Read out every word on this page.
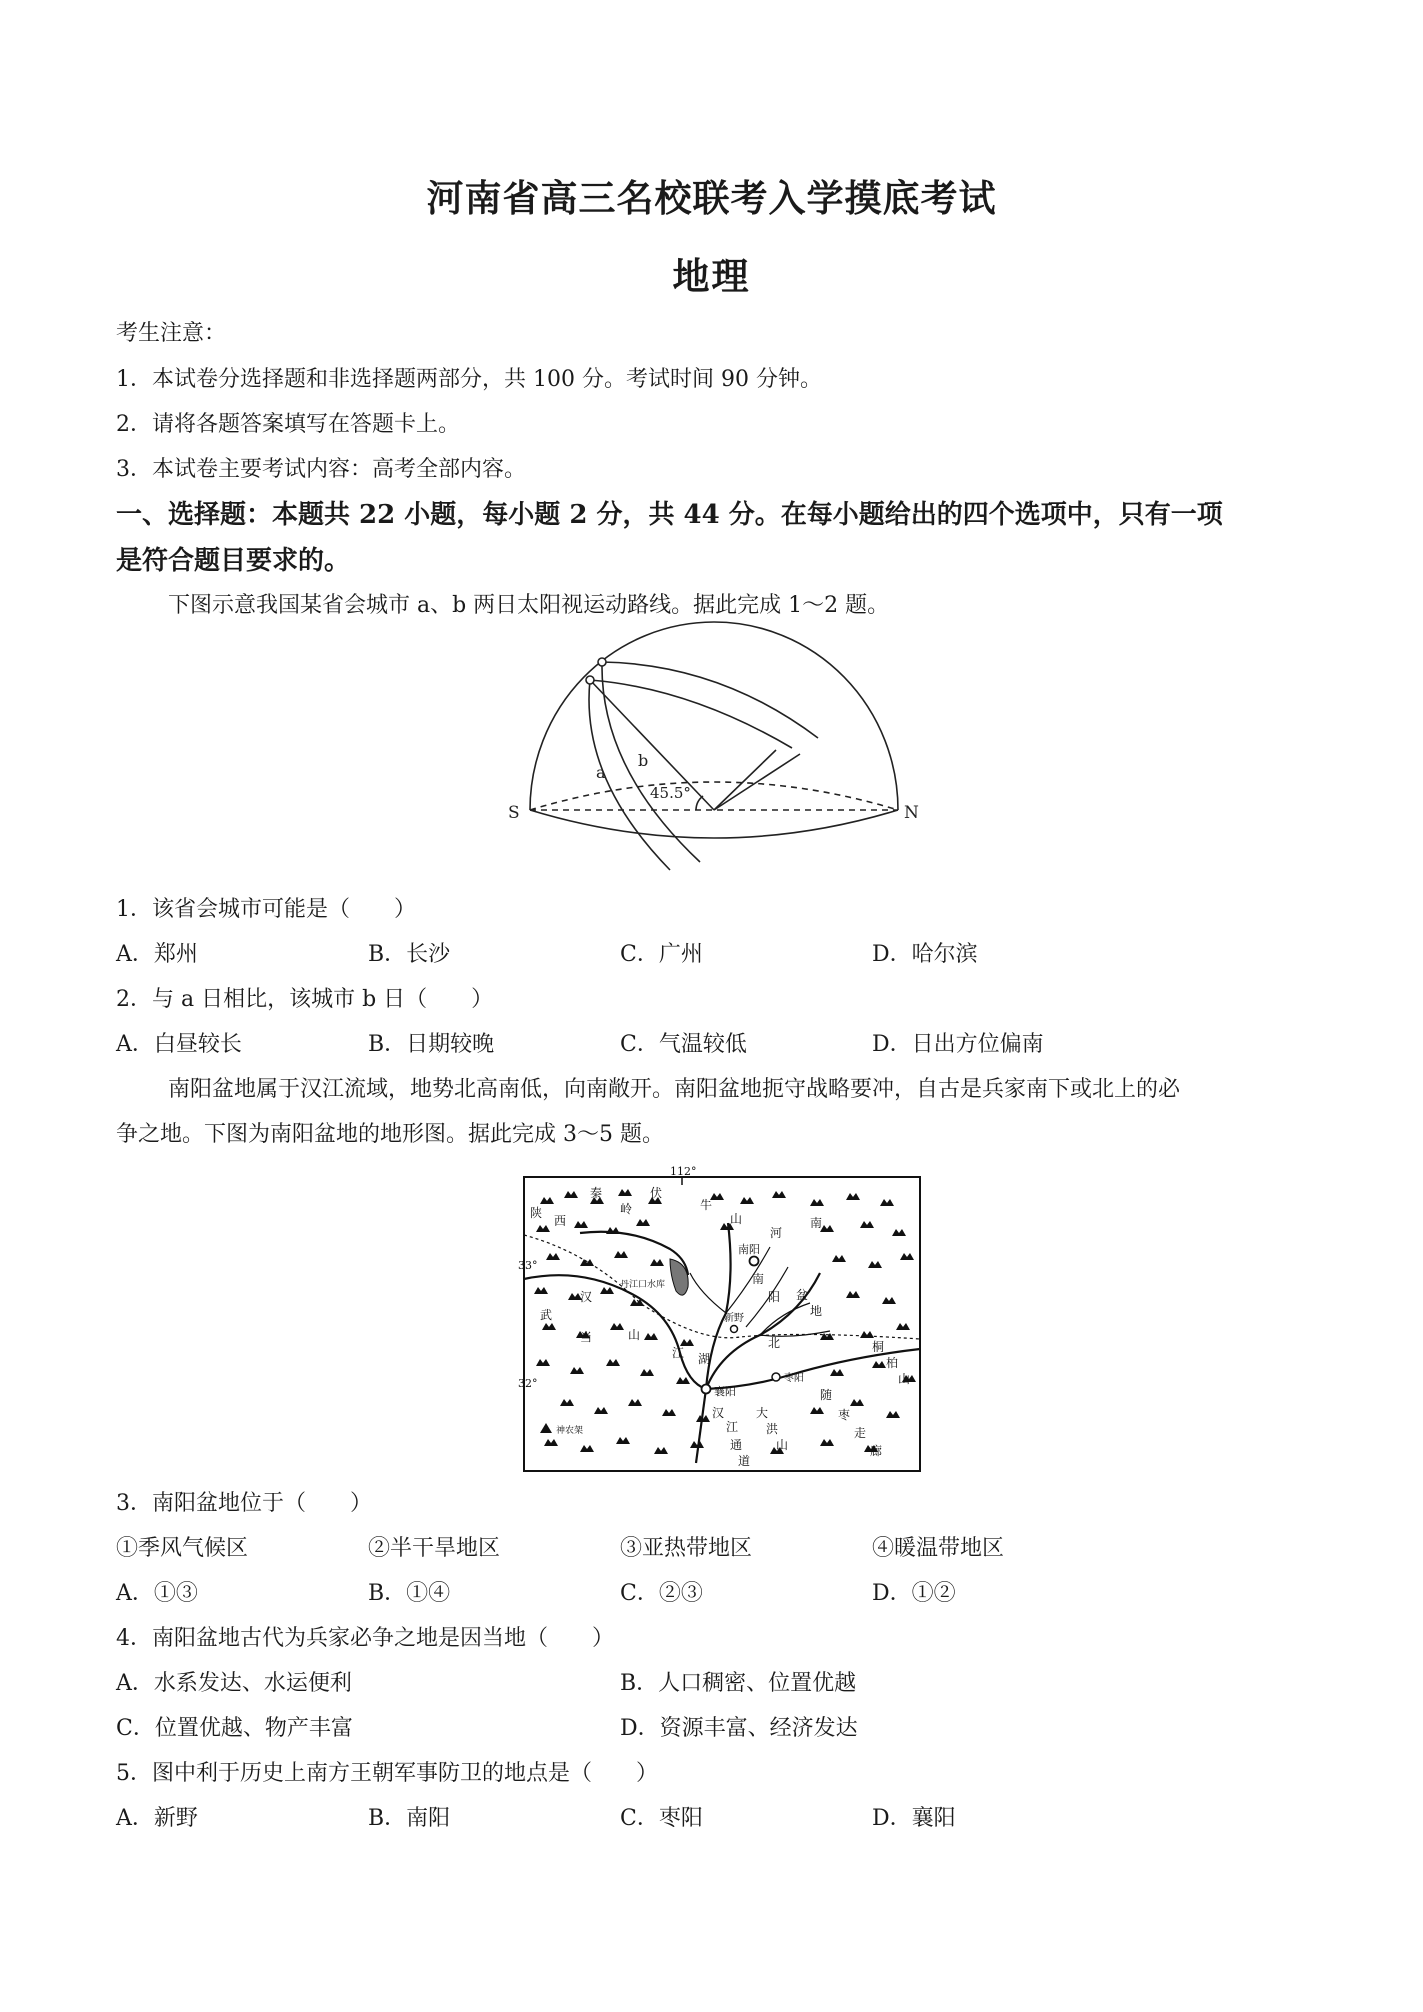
河南省高三名校联考入学摸底考试
地理
考生注意：
1．本试卷分选择题和非选择题两部分，共 100 分。考试时间 90 分钟。
2．请将各题答案填写在答题卡上。
3．本试卷主要考试内容：高考全部内容。
一、选择题：本题共 22 小题，每小题 2 分，共 44 分。在每小题给出的四个选项中，只有一项
是符合题目要求的。
下图示意我国某省会城市 a、b 两日太阳视运动路线。据此完成 1～2 题。
S	N
a
b
45.5°
1．该省会城市可能是（　　）
A．郑州	B．长沙	C．广州	D．哈尔滨
2．与 a 日相比，该城市 b 日（　　）
A．白昼较长	B．日期较晚	C．气温较低	D．日出方位偏南
南阳盆地属于汉江流域，地势北高南低，向南敞开。南阳盆地扼守战略要冲，自古是兵家南下或北上的必
争之地。下图为南阳盆地的地形图。据此完成 3～5 题。
112°
33°
32°
秦
岭
伏
牛
山
陕
西
河
南
南
阳 盆
地
南阳
丹江口水库
新野
汉
江
武
当	山
湖
北
襄阳
枣阳
桐
柏
山
随
枣
走
廊
大
洪
山
江
汉
通
道
神农架
3．南阳盆地位于（　　）
①季风气候区	②半干旱地区	③亚热带地区	④暖温带地区
A．①③	B．①④	C．②③	D．①②
4．南阳盆地古代为兵家必争之地是因当地（　　）
A．水系发达、水运便利	B．人口稠密、位置优越
C．位置优越、物产丰富	D．资源丰富、经济发达
5．图中利于历史上南方王朝军事防卫的地点是（　　）
A．新野	B．南阳	C．枣阳	D．襄阳
